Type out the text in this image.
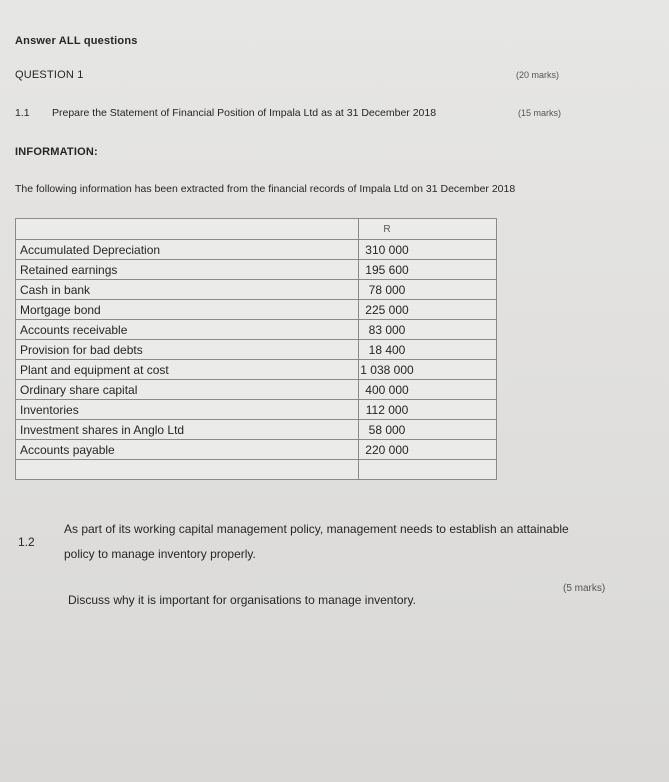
Answer ALL questions
QUESTION 1	(20 marks)
1.1 Prepare the Statement of Financial Position of Impala Ltd as at 31 December 2018	(15 marks)
INFORMATION:
The following information has been extracted from the financial records of Impala Ltd on 31 December 2018
	R
Accumulated Depreciation	310 000
Retained earnings	195 600
Cash in bank	78 000
Mortgage bond	225 000
Accounts receivable	83 000
Provision for bad debts	18 400
Plant and equipment at cost	1 038 000
Ordinary share capital	400 000
Inventories	112 000
Investment shares in Anglo Ltd	58 000
Accounts payable	220 000

1.2
As part of its working capital management policy, management needs to establish an attainable
policy to manage inventory properly.
Discuss why it is important for organisations to manage inventory.
(5 marks)
